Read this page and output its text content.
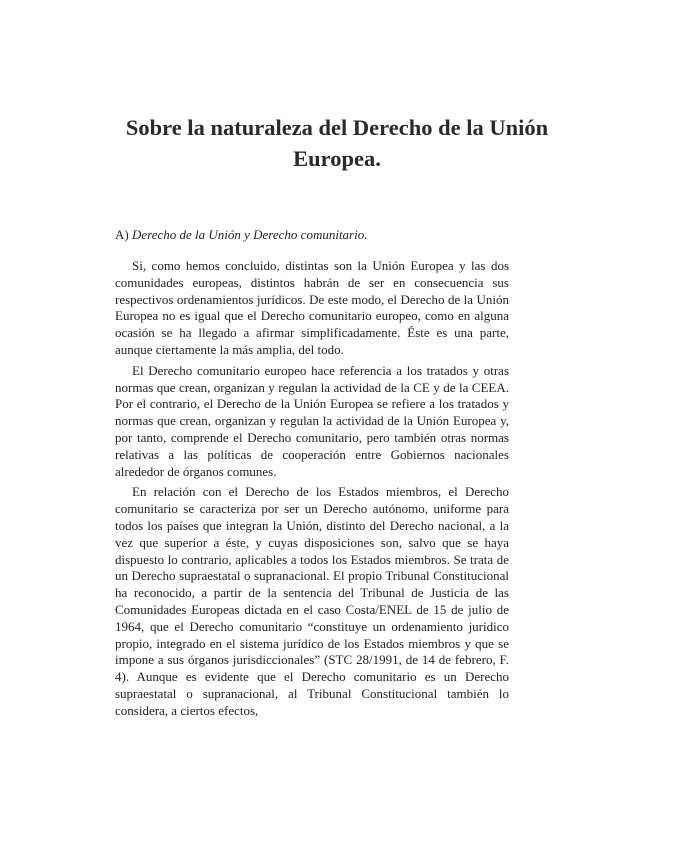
Sobre la naturaleza del Derecho de la Unión Europea.

A) Derecho de la Unión y Derecho comunitario.

Si, como hemos concluido, distintas son la Unión Europea y las dos comunidades europeas, distintos habrán de ser en consecuencia sus respectivos ordenamientos jurídicos. De este modo, el Derecho de la Unión Europea no es igual que el Derecho comunitario europeo, como en alguna ocasión se ha llegado a afirmar simplificadamente. Éste es una parte, aunque ciertamente la más amplia, del todo.

El Derecho comunitario europeo hace referencia a los tratados y otras normas que crean, organizan y regulan la actividad de la CE y de la CEEA. Por el contrario, el Derecho de la Unión Europea se refiere a los tratados y normas que crean, organizan y regulan la actividad de la Unión Europea y, por tanto, comprende el Derecho comunitario, pero también otras normas relativas a las políticas de cooperación entre Gobiernos nacionales alrededor de órganos comunes.

En relación con el Derecho de los Estados miembros, el Derecho comunitario se caracteriza por ser un Derecho autónomo, uniforme para todos los países que integran la Unión, distinto del Derecho nacional, a la vez que superior a éste, y cuyas disposiciones son, salvo que se haya dispuesto lo contrario, aplicables a todos los Estados miembros. Se trata de un Derecho supraestatal o supranacional. El propio Tribunal Constitucional ha reconocido, a partir de la sentencia del Tribunal de Justicia de las Comunidades Europeas dictada en el caso Costa/ENEL de 15 de julio de 1964, que el Derecho comunitario “constituye un ordenamiento jurídico propio, integrado en el sistema jurídico de los Estados miembros y que se impone a sus órganos jurisdiccionales” (STC 28/1991, de 14 de febrero, F. 4). Aunque es evidente que el Derecho comunitario es un Derecho supraestatal o supranacional, al Tribunal Constitucional también lo considera, a ciertos efectos,
